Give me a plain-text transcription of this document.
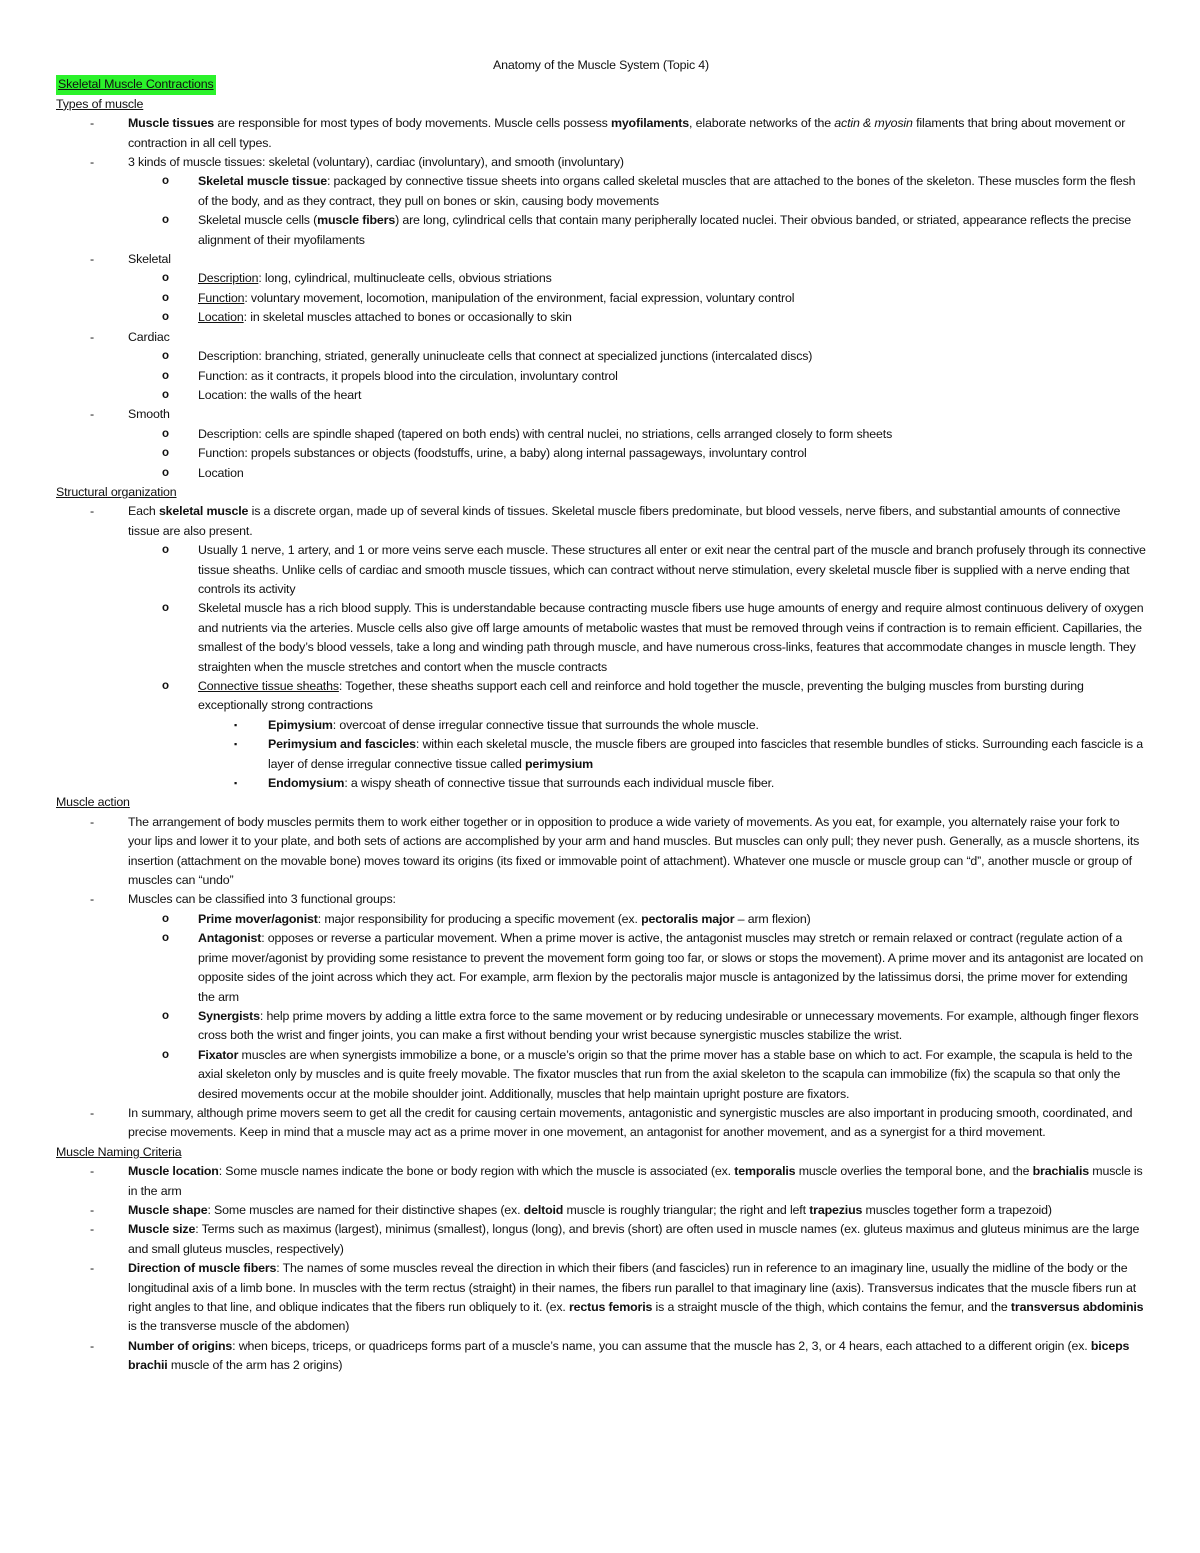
Anatomy of the Muscle System (Topic 4)
Skeletal Muscle Contractions
Types of muscle
-	Muscle tissues are responsible for most types of body movements. Muscle cells possess myofilaments, elaborate networks of the actin & myosin filaments that bring about movement or contraction in all cell types.
-	3 kinds of muscle tissues: skeletal (voluntary), cardiac (involuntary), and smooth (involuntary)
o Skeletal muscle tissue: packaged by connective tissue sheets into organs called skeletal muscles that are attached to the bones of the skeleton. These muscles form the flesh of the body, and as they contract, they pull on bones or skin, causing body movements
o Skeletal muscle cells (muscle fibers) are long, cylindrical cells that contain many peripherally located nuclei. Their obvious banded, or striated, appearance reflects the precise alignment of their myofilaments
-	Skeletal
o Description: long, cylindrical, multinucleate cells, obvious striations
o Function: voluntary movement, locomotion, manipulation of the environment, facial expression, voluntary control
o Location: in skeletal muscles attached to bones or occasionally to skin
-	Cardiac
o Description: branching, striated, generally uninucleate cells that connect at specialized junctions (intercalated discs)
o Function: as it contracts, it propels blood into the circulation, involuntary control
o Location: the walls of the heart
-	Smooth
o Description: cells are spindle shaped (tapered on both ends) with central nuclei, no striations, cells arranged closely to form sheets
o Function: propels substances or objects (foodstuffs, urine, a baby) along internal passageways, involuntary control
o Location
Structural organization
-	Each skeletal muscle is a discrete organ, made up of several kinds of tissues. Skeletal muscle fibers predominate, but blood vessels, nerve fibers, and substantial amounts of connective tissue are also present.
o Usually 1 nerve, 1 artery, and 1 or more veins serve each muscle. These structures all enter or exit near the central part of the muscle and branch profusely through its connective tissue sheaths. Unlike cells of cardiac and smooth muscle tissues, which can contract without nerve stimulation, every skeletal muscle fiber is supplied with a nerve ending that controls its activity
o Skeletal muscle has a rich blood supply. This is understandable because contracting muscle fibers use huge amounts of energy and require almost continuous delivery of oxygen and nutrients via the arteries. Muscle cells also give off large amounts of metabolic wastes that must be removed through veins if contraction is to remain efficient. Capillaries, the smallest of the body’s blood vessels, take a long and winding path through muscle, and have numerous cross-links, features that accommodate changes in muscle length. They straighten when the muscle stretches and contort when the muscle contracts
o Connective tissue sheaths: Together, these sheaths support each cell and reinforce and hold together the muscle, preventing the bulging muscles from bursting during exceptionally strong contractions
▪ Epimysium: overcoat of dense irregular connective tissue that surrounds the whole muscle.
▪ Perimysium and fascicles: within each skeletal muscle, the muscle fibers are grouped into fascicles that resemble bundles of sticks. Surrounding each fascicle is a layer of dense irregular connective tissue called perimysium
▪ Endomysium: a wispy sheath of connective tissue that surrounds each individual muscle fiber.
Muscle action
-	The arrangement of body muscles permits them to work either together or in opposition to produce a wide variety of movements. As you eat, for example, you alternately raise your fork to your lips and lower it to your plate, and both sets of actions are accomplished by your arm and hand muscles. But muscles can only pull; they never push. Generally, as a muscle shortens, its insertion (attachment on the movable bone) moves toward its origins (its fixed or immovable point of attachment). Whatever one muscle or muscle group can “d”, another muscle or group of muscles can “undo”
-	Muscles can be classified into 3 functional groups:
o Prime mover/agonist: major responsibility for producing a specific movement (ex. pectoralis major – arm flexion)
o Antagonist: opposes or reverse a particular movement. When a prime mover is active, the antagonist muscles may stretch or remain relaxed or contract (regulate action of a prime mover/agonist by providing some resistance to prevent the movement form going too far, or slows or stops the movement). A prime mover and its antagonist are located on opposite sides of the joint across which they act. For example, arm flexion by the pectoralis major muscle is antagonized by the latissimus dorsi, the prime mover for extending the arm
o Synergists: help prime movers by adding a little extra force to the same movement or by reducing undesirable or unnecessary movements. For example, although finger flexors cross both the wrist and finger joints, you can make a first without bending your wrist because synergistic muscles stabilize the wrist.
o Fixator muscles are when synergists immobilize a bone, or a muscle’s origin so that the prime mover has a stable base on which to act. For example, the scapula is held to the axial skeleton only by muscles and is quite freely movable. The fixator muscles that run from the axial skeleton to the scapula can immobilize (fix) the scapula so that only the desired movements occur at the mobile shoulder joint. Additionally, muscles that help maintain upright posture are fixators.
-	In summary, although prime movers seem to get all the credit for causing certain movements, antagonistic and synergistic muscles are also important in producing smooth, coordinated, and precise movements. Keep in mind that a muscle may act as a prime mover in one movement, an antagonist for another movement, and as a synergist for a third movement.
Muscle Naming Criteria
-	Muscle location: Some muscle names indicate the bone or body region with which the muscle is associated (ex. temporalis muscle overlies the temporal bone, and the brachialis muscle is in the arm
-	Muscle shape: Some muscles are named for their distinctive shapes (ex. deltoid muscle is roughly triangular; the right and left trapezius muscles together form a trapezoid)
-	Muscle size: Terms such as maximus (largest), minimus (smallest), longus (long), and brevis (short) are often used in muscle names (ex. gluteus maximus and gluteus minimus are the large and small gluteus muscles, respectively)
-	Direction of muscle fibers: The names of some muscles reveal the direction in which their fibers (and fascicles) run in reference to an imaginary line, usually the midline of the body or the longitudinal axis of a limb bone. In muscles with the term rectus (straight) in their names, the fibers run parallel to that imaginary line (axis). Transversus indicates that the muscle fibers run at right angles to that line, and oblique indicates that the fibers run obliquely to it. (ex. rectus femoris is a straight muscle of the thigh, which contains the femur, and the transversus abdominis is the transverse muscle of the abdomen)
-	Number of origins: when biceps, triceps, or quadriceps forms part of a muscle’s name, you can assume that the muscle has 2, 3, or 4 hears, each attached to a different origin (ex. biceps brachii muscle of the arm has 2 origins)
